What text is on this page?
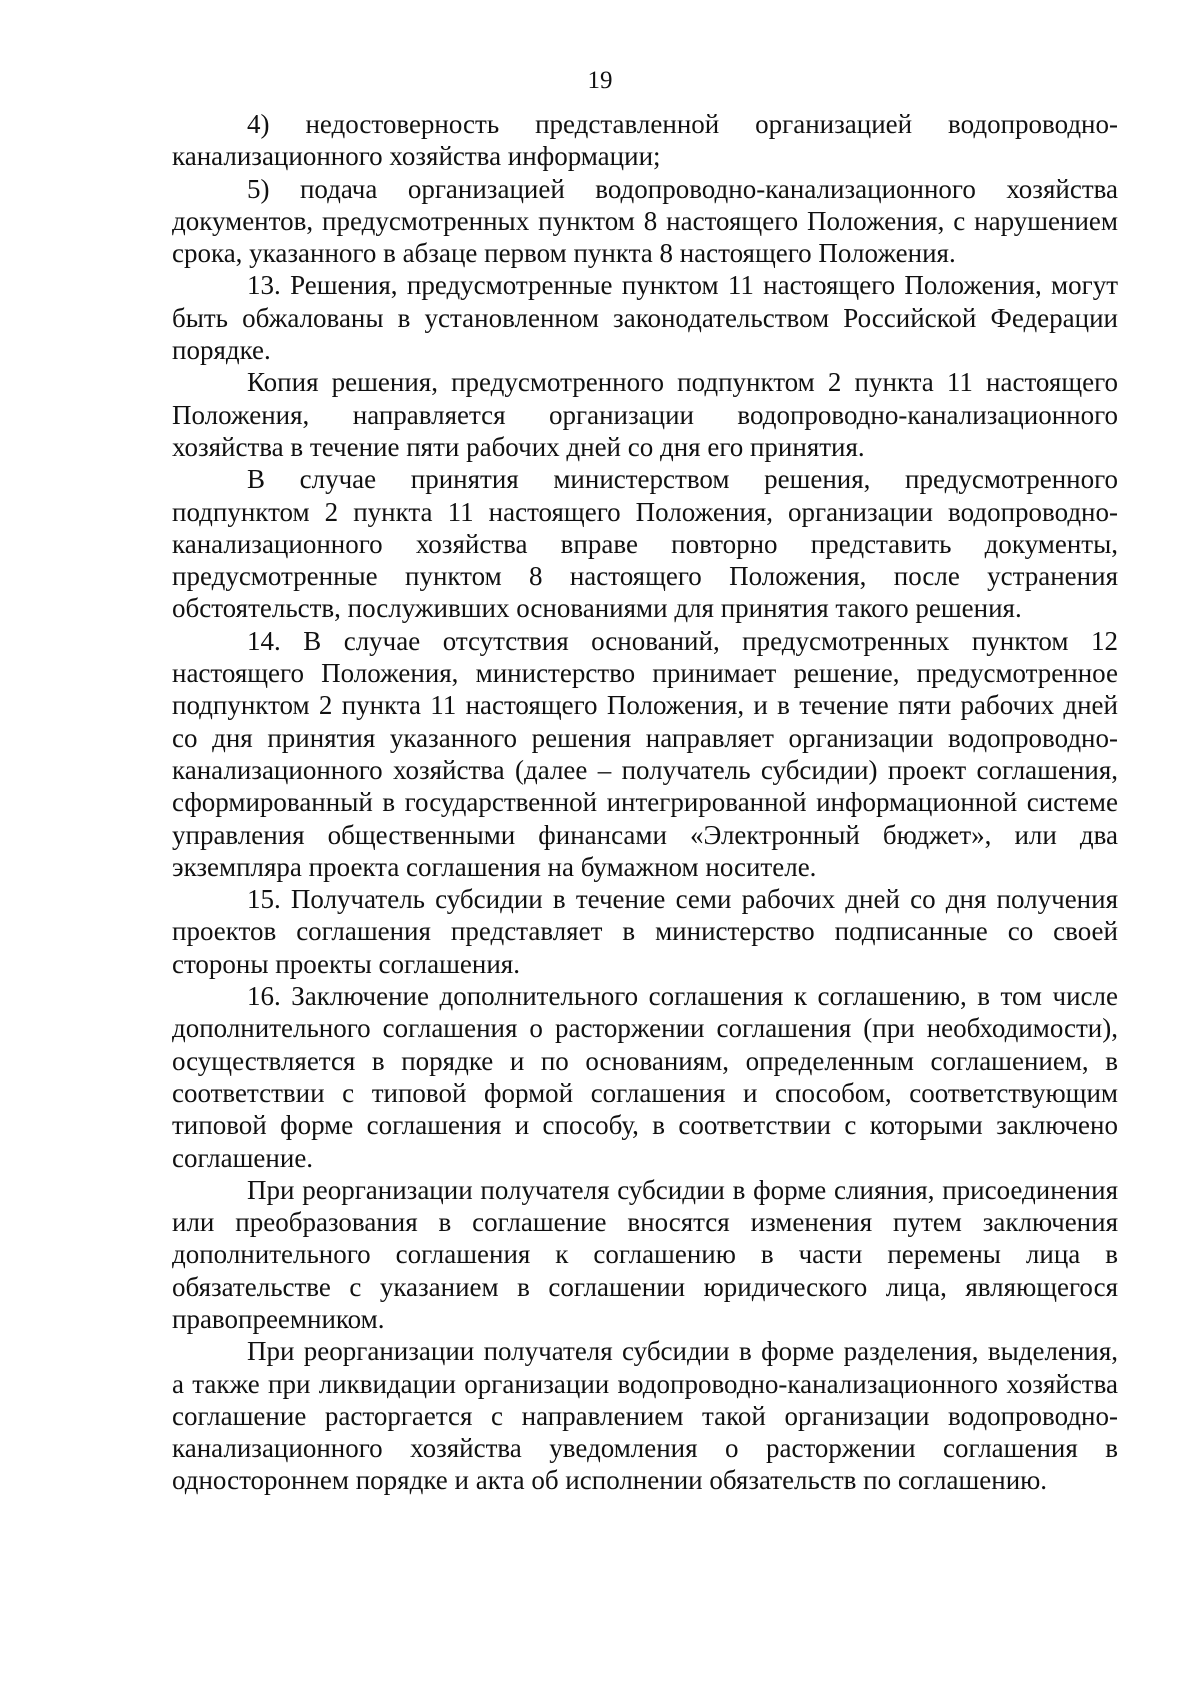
19

4) недостоверность представленной организацией водопроводно-канализационного хозяйства информации;

5) подача организацией водопроводно-канализационного хозяйства документов, предусмотренных пунктом 8 настоящего Положения, с нарушением срока, указанного в абзаце первом пункта 8 настоящего Положения.

13. Решения, предусмотренные пунктом 11 настоящего Положения, могут быть обжалованы в установленном законодательством Российской Федерации порядке.

Копия решения, предусмотренного подпунктом 2 пункта 11 настоящего Положения, направляется организации водопроводно-канализационного хозяйства в течение пяти рабочих дней со дня его принятия.

В случае принятия министерством решения, предусмотренного подпунктом 2 пункта 11 настоящего Положения, организации водопроводно-канализационного хозяйства вправе повторно представить документы, предусмотренные пунктом 8 настоящего Положения, после устранения обстоятельств, послуживших основаниями для принятия такого решения.

14. В случае отсутствия оснований, предусмотренных пунктом 12 настоящего Положения, министерство принимает решение, предусмотренное подпунктом 2 пункта 11 настоящего Положения, и в течение пяти рабочих дней со дня принятия указанного решения направляет организации водопроводно-канализационного хозяйства (далее – получатель субсидии) проект соглашения, сформированный в государственной интегрированной информационной системе управления общественными финансами «Электронный бюджет», или два экземпляра проекта соглашения на бумажном носителе.

15. Получатель субсидии в течение семи рабочих дней со дня получения проектов соглашения представляет в министерство подписанные со своей стороны проекты соглашения.

16. Заключение дополнительного соглашения к соглашению, в том числе дополнительного соглашения о расторжении соглашения (при необходимости), осуществляется в порядке и по основаниям, определенным соглашением, в соответствии с типовой формой соглашения и способом, соответствующим типовой форме соглашения и способу, в соответствии с которыми заключено соглашение.

При реорганизации получателя субсидии в форме слияния, присоединения или преобразования в соглашение вносятся изменения путем заключения дополнительного соглашения к соглашению в части перемены лица в обязательстве с указанием в соглашении юридического лица, являющегося правопреемником.

При реорганизации получателя субсидии в форме разделения, выделения, а также при ликвидации организации водопроводно-канализационного хозяйства соглашение расторгается с направлением такой организации водопроводно-канализационного хозяйства уведомления о расторжении соглашения в одностороннем порядке и акта об исполнении обязательств по соглашению.
